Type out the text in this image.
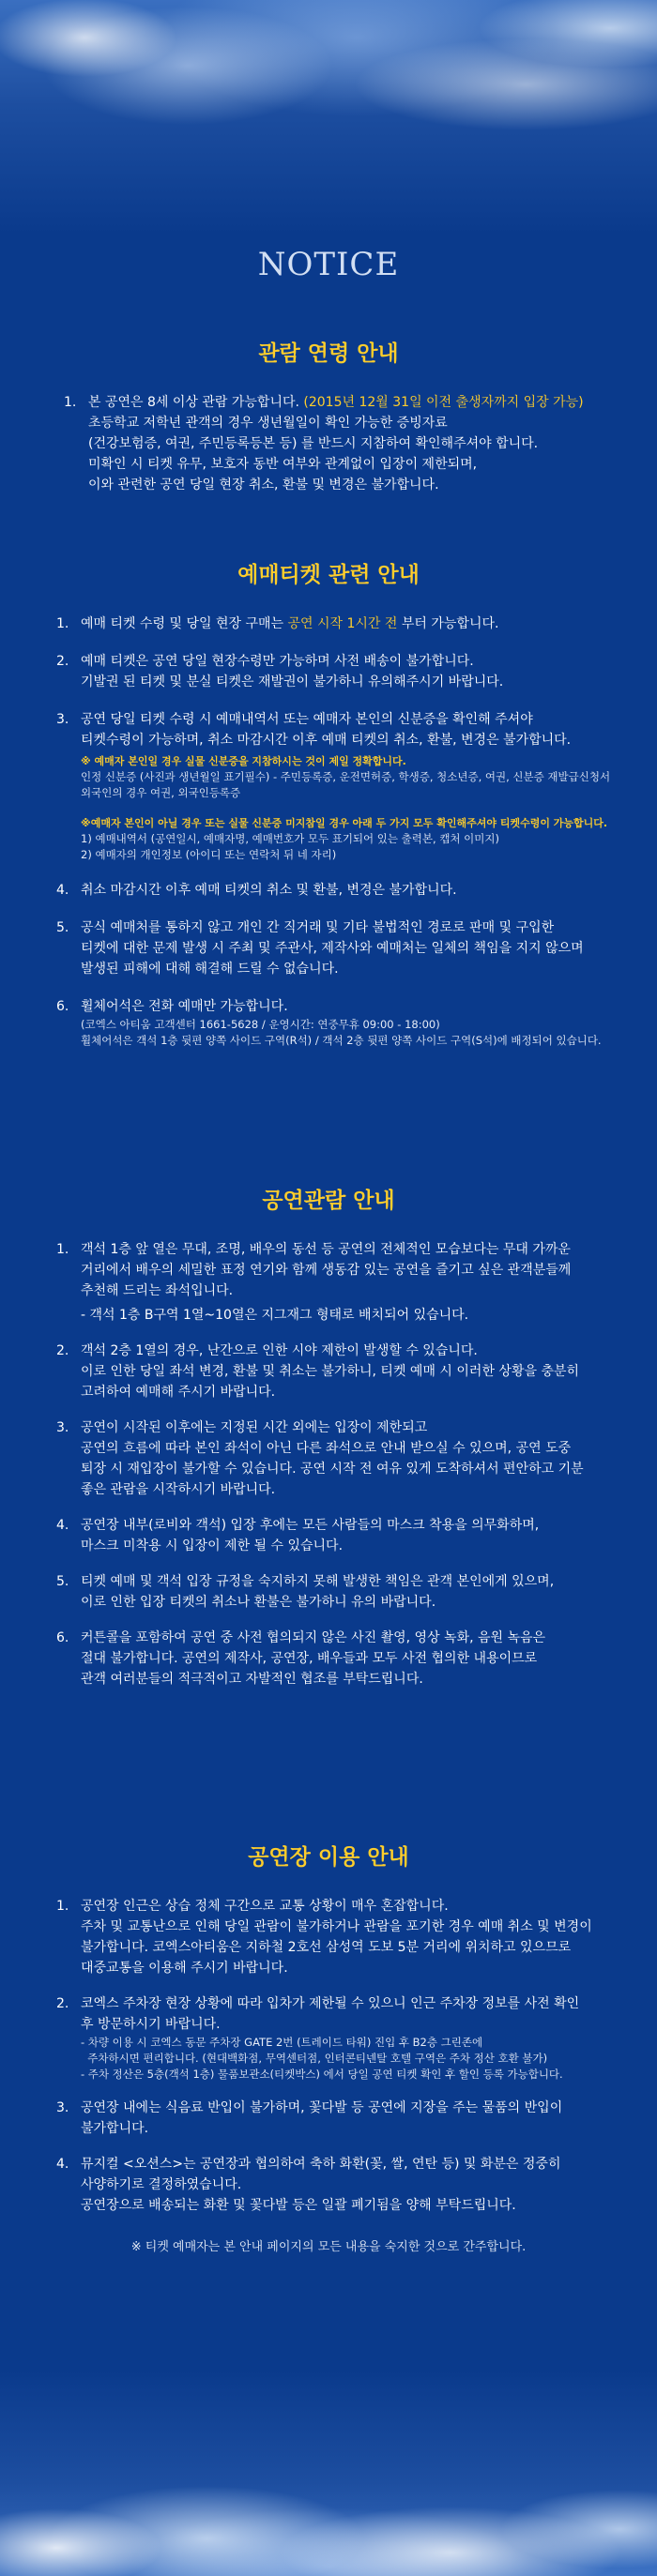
NOTICE
관람 연령 안내
1. 본 공연은 8세 이상 관람 가능합니다. (2015년 12월 31일 이전 출생자까지 입장 가능)
초등학교 저학년 관객의 경우 생년월일이 확인 가능한 증빙자료
(건강보험증, 여권, 주민등록등본 등) 를 반드시 지참하여 확인해주셔야 합니다.
미확인 시 티켓 유무, 보호자 동반 여부와 관계없이 입장이 제한되며,
이와 관련한 공연 당일 현장 취소, 환불 및 변경은 불가합니다.
예매티켓 관련 안내
1. 예매 티켓 수령 및 당일 현장 구매는 공연 시작 1시간 전 부터 가능합니다.
2. 예매 티켓은 공연 당일 현장수령만 가능하며 사전 배송이 불가합니다.
기발권 된 티켓 및 분실 티켓은 재발권이 불가하니 유의해주시기 바랍니다.
3. 공연 당일 티켓 수령 시 예매내역서 또는 예매자 본인의 신분증을 확인해 주셔야
티켓수령이 가능하며, 취소 마감시간 이후 예매 티켓의 취소, 환불, 변경은 불가합니다.
※ 예매자 본인일 경우 실물 신분증을 지참하시는 것이 제일 정확합니다.
인정 신분증 (사진과 생년월일 표기필수) - 주민등록증, 운전면허증, 학생증, 청소년증, 여권, 신분증 재발급신청서
외국인의 경우 여권, 외국인등록증
※예매자 본인이 아닐 경우 또는 실물 신분증 미지참일 경우 아래 두 가지 모두 확인해주셔야 티켓수령이 가능합니다.
1) 예매내역서 (공연일시, 예매자명, 예매번호가 모두 표기되어 있는 출력본, 캡처 이미지)
2) 예매자의 개인정보 (아이디 또는 연락처 뒤 네 자리)
4. 취소 마감시간 이후 예매 티켓의 취소 및 환불, 변경은 불가합니다.
5. 공식 예매처를 통하지 않고 개인 간 직거래 및 기타 불법적인 경로로 판매 및 구입한
티켓에 대한 문제 발생 시 주최 및 주관사, 제작사와 예매처는 일체의 책임을 지지 않으며
발생된 피해에 대해 해결해 드릴 수 없습니다.
6. 휠체어석은 전화 예매만 가능합니다.
(코엑스 아티움 고객센터 1661-5628 / 운영시간: 연중무휴 09:00 - 18:00)
휠체어석은 객석 1층 뒷편 양쪽 사이드 구역(R석) / 객석 2층 뒷편 양쪽 사이드 구역(S석)에 배정되어 있습니다.
공연관람 안내
1. 객석 1층 앞 열은 무대, 조명, 배우의 동선 등 공연의 전체적인 모습보다는 무대 가까운
거리에서 배우의 세밀한 표정 연기와 함께 생동감 있는 공연을 즐기고 싶은 관객분들께
추천해 드리는 좌석입니다.
- 객석 1층 B구역 1열~10열은 지그재그 형태로 배치되어 있습니다.
2. 객석 2층 1열의 경우, 난간으로 인한 시야 제한이 발생할 수 있습니다.
이로 인한 당일 좌석 변경, 환불 및 취소는 불가하니, 티켓 예매 시 이러한 상황을 충분히
고려하여 예매해 주시기 바랍니다.
3. 공연이 시작된 이후에는 지정된 시간 외에는 입장이 제한되고
공연의 흐름에 따라 본인 좌석이 아닌 다른 좌석으로 안내 받으실 수 있으며, 공연 도중
퇴장 시 재입장이 불가할 수 있습니다. 공연 시작 전 여유 있게 도착하셔서 편안하고 기분
좋은 관람을 시작하시기 바랍니다.
4. 공연장 내부(로비와 객석) 입장 후에는 모든 사람들의 마스크 착용을 의무화하며,
마스크 미착용 시 입장이 제한 될 수 있습니다.
5. 티켓 예매 및 객석 입장 규정을 숙지하지 못해 발생한 책임은 관객 본인에게 있으며,
이로 인한 입장 티켓의 취소나 환불은 불가하니 유의 바랍니다.
6. 커튼콜을 포함하여 공연 중 사전 협의되지 않은 사진 촬영, 영상 녹화, 음원 녹음은
절대 불가합니다. 공연의 제작사, 공연장, 배우들과 모두 사전 협의한 내용이므로
관객 여러분들의 적극적이고 자발적인 협조를 부탁드립니다.
공연장 이용 안내
1. 공연장 인근은 상습 정체 구간으로 교통 상황이 매우 혼잡합니다.
주차 및 교통난으로 인해 당일 관람이 불가하거나 관람을 포기한 경우 예매 취소 및 변경이
불가합니다. 코엑스아티움은 지하철 2호선 삼성역 도보 5분 거리에 위치하고 있으므로
대중교통을 이용해 주시기 바랍니다.
2. 코엑스 주차장 현장 상황에 따라 입차가 제한될 수 있으니 인근 주차장 정보를 사전 확인
후 방문하시기 바랍니다.
- 차량 이용 시 코엑스 동문 주차장 GATE 2번 (트레이드 타워) 진입 후 B2층 그린존에
주차하시면 편리합니다. (현대백화점, 무역센터점, 인터콘티넨탈 호텔 구역은 주차 정산 호환 불가)
- 주차 정산은 5층(객석 1층) 물품보관소(티켓박스) 에서 당일 공연 티켓 확인 후 할인 등록 가능합니다.
3. 공연장 내에는 식음료 반입이 불가하며, 꽃다발 등 공연에 지장을 주는 물품의 반입이
불가합니다.
4. 뮤지컬 <오션스>는 공연장과 협의하여 축하 화환(꽃, 쌀, 연탄 등) 및 화분은 정중히
사양하기로 결정하였습니다.
공연장으로 배송되는 화환 및 꽃다발 등은 일괄 폐기됨을 양해 부탁드립니다.

※ 티켓 예매자는 본 안내 페이지의 모든 내용을 숙지한 것으로 간주합니다.
